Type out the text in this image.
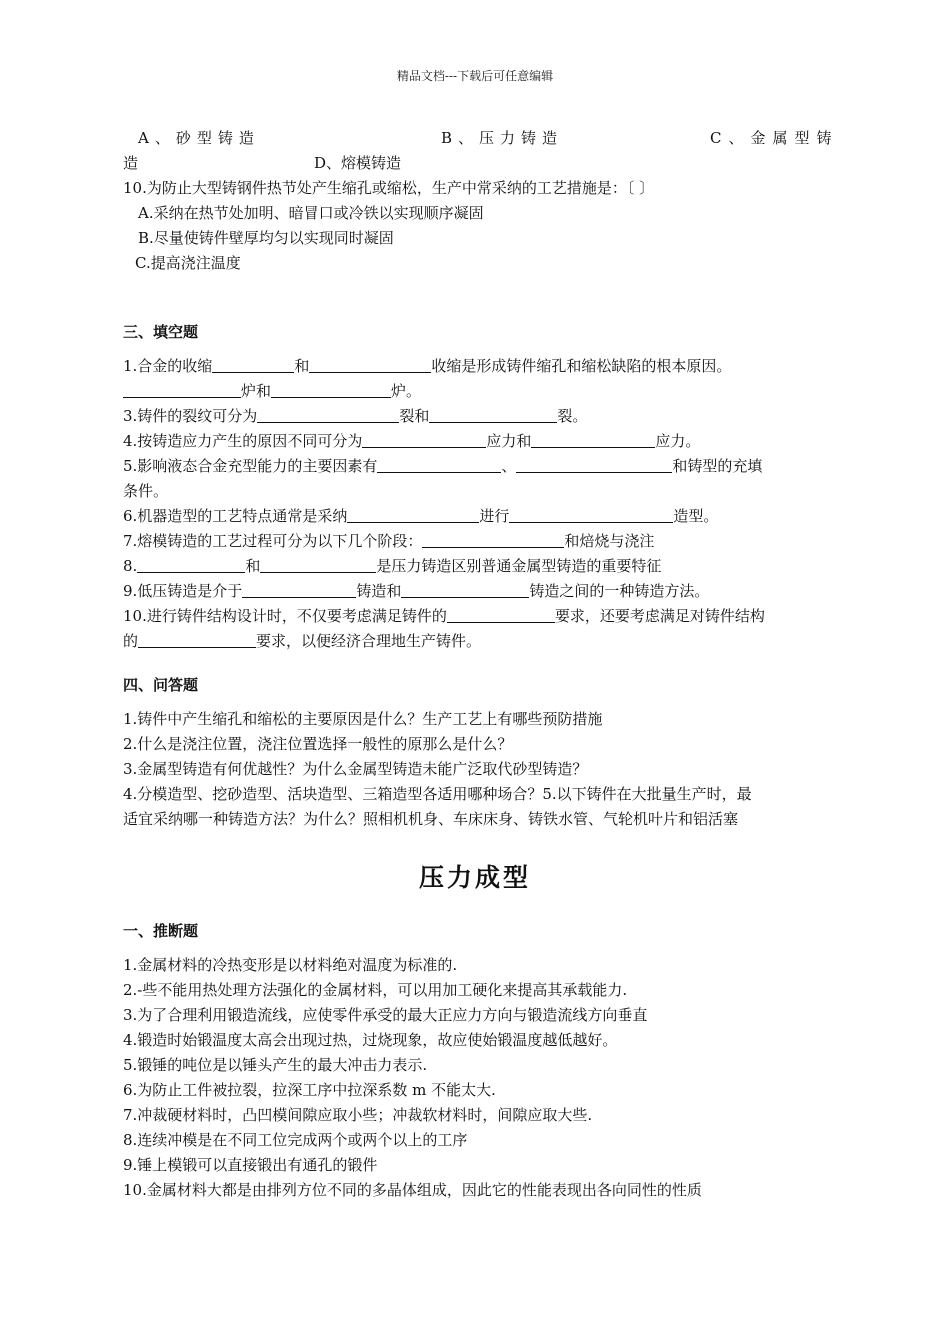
精品文档---下载后可任意编辑
A、砂型铸造	B、压力铸造	C、金属型铸
造	D、熔模铸造
10.为防止大型铸钢件热节处产生缩孔或缩松，生产中常采纳的工艺措施是：〔 〕
A.采纳在热节处加明、暗冒口或冷铁以实现顺序凝固
B.尽量使铸件壁厚均匀以实现同时凝固
C.提高浇注温度
三、填空题
1.合金的收缩	和	收缩是形成铸件缩孔和缩松缺陷的根本原因。
炉和	炉。
3.铸件的裂纹可分为	裂和	裂。
4.按铸造应力产生的原因不同可分为	应力和	应力。
5.影响液态合金充型能力的主要因素有	、	和铸型的充填
条件。
6.机器造型的工艺特点通常是采纳	进行	造型。
7.熔模铸造的工艺过程可分为以下几个阶段：	和焙烧与浇注
8.	和	是压力铸造区别普通金属型铸造的重要特征
9.低压铸造是介于	铸造和	铸造之间的一种铸造方法。
10.进行铸件结构设计时，不仅要考虑满足铸件的	要求，还要考虑满足对铸件结构
的	要求，以便经济合理地生产铸件。
四、问答题
1.铸件中产生缩孔和缩松的主要原因是什么？生产工艺上有哪些预防措施
2.什么是浇注位置，浇注位置选择一般性的原那么是什么？
3.金属型铸造有何优越性？为什么金属型铸造未能广泛取代砂型铸造？
4.分模造型、挖砂造型、活块造型、三箱造型各适用哪种场合？5.以下铸件在大批量生产时，最
适宜采纳哪一种铸造方法？为什么？照相机机身、车床床身、铸铁水管、气轮机叶片和铝活塞
压力成型
一、推断题
1.金属材料的冷热变形是以材料绝对温度为标准的.
2.-些不能用热处理方法强化的金属材料，可以用加工硬化来提高其承载能力.
3.为了合理利用锻造流线，应使零件承受的最大正应力方向与锻造流线方向垂直
4.锻造时始锻温度太高会出现过热，过烧现象，故应使始锻温度越低越好。
5.锻锤的吨位是以锤头产生的最大冲击力表示.
6.为防止工件被拉裂，拉深工序中拉深系数 m 不能太大.
7.冲裁硬材料时，凸凹模间隙应取小些；冲裁软材料时，间隙应取大些.
8.连续冲模是在不同工位完成两个或两个以上的工序
9.锤上模锻可以直接锻出有通孔的锻件
10.金属材料大都是由排列方位不同的多晶体组成，因此它的性能表现出各向同性的性质
